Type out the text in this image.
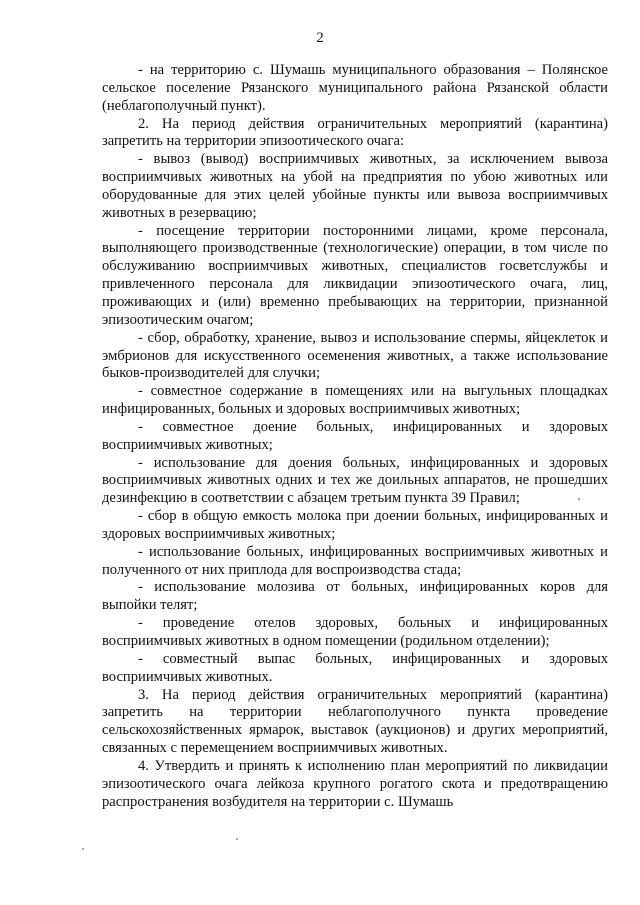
2

- на территорию с. Шумашь муниципального образования – Полянское сельское поселение Рязанского муниципального района Рязанской области (неблагополучный пункт).

2. На период действия ограничительных мероприятий (карантина) запретить на территории эпизоотического очага:

- вывоз (вывод) восприимчивых животных, за исключением вывоза восприимчивых животных на убой на предприятия по убою животных или оборудованные для этих целей убойные пункты или вывоза восприимчивых животных в резервацию;

- посещение территории посторонними лицами, кроме персонала, выполняющего производственные (технологические) операции, в том числе по обслуживанию восприимчивых животных, специалистов госветслужбы и привлеченного персонала для ликвидации эпизоотического очага, лиц, проживающих и (или) временно пребывающих на территории, признанной эпизоотическим очагом;

- сбор, обработку, хранение, вывоз и использование спермы, яйцеклеток и эмбрионов для искусственного осеменения животных, а также использование быков-производителей для случки;

- совместное содержание в помещениях или на выгульных площадках инфицированных, больных и здоровых восприимчивых животных;

- совместное доение больных, инфицированных и здоровых восприимчивых животных;

- использование для доения больных, инфицированных и здоровых восприимчивых животных одних и тех же доильных аппаратов, не прошедших дезинфекцию в соответствии с абзацем третьим пункта 39 Правил;

- сбор в общую емкость молока при доении больных, инфицированных и здоровых восприимчивых животных;

- использование больных, инфицированных восприимчивых животных и полученного от них приплода для воспроизводства стада;

- использование молозива от больных, инфицированных коров для выпойки телят;

- проведение отелов здоровых, больных и инфицированных восприимчивых животных в одном помещении (родильном отделении);

- совместный выпас больных, инфицированных и здоровых восприимчивых животных.

3. На период действия ограничительных мероприятий (карантина) запретить на территории неблагополучного пункта проведение сельскохозяйственных ярмарок, выставок (аукционов) и других мероприятий, связанных с перемещением восприимчивых животных.

4. Утвердить и принять к исполнению план мероприятий по ликвидации эпизоотического очага лейкоза крупного рогатого скота и предотвращению распространения возбудителя на территории с. Шумашь
